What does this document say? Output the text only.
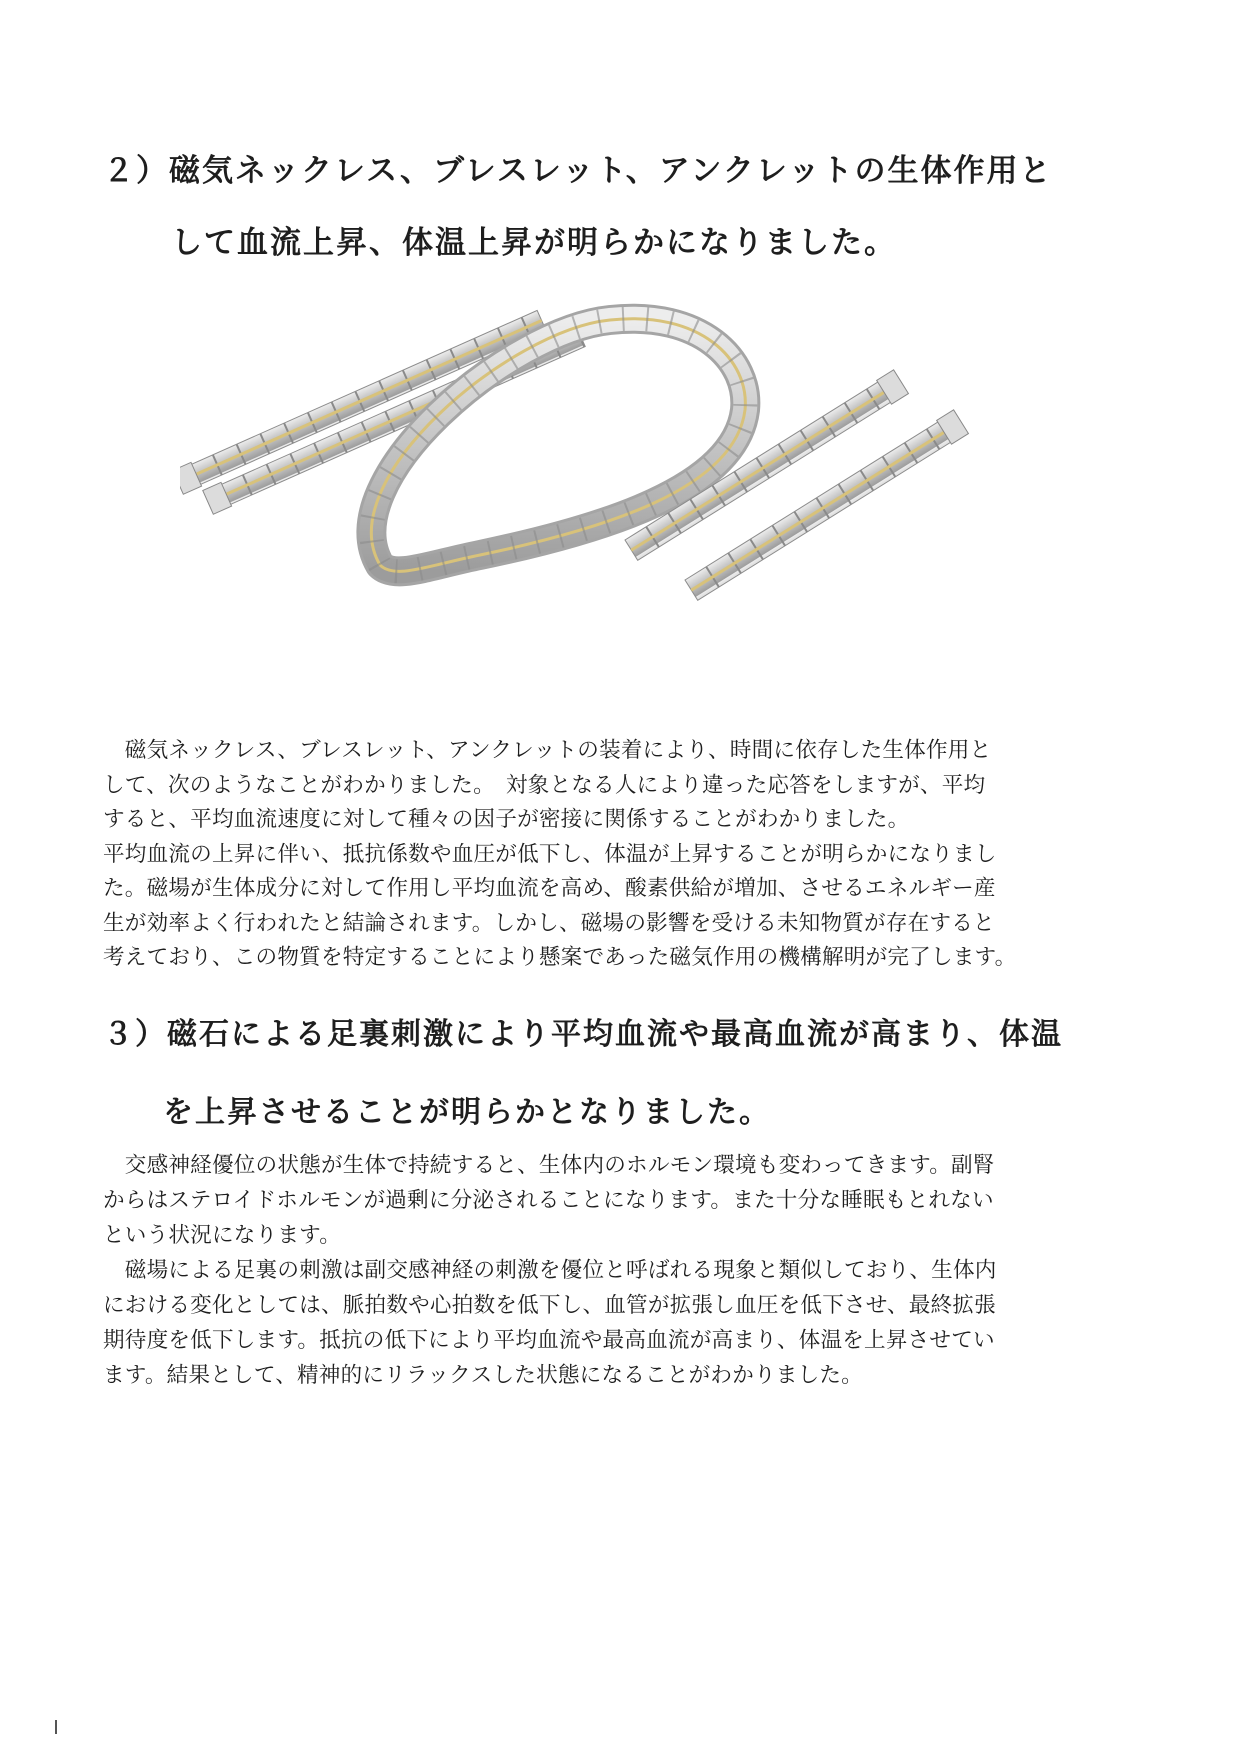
２）磁気ネックレス、ブレスレット、アンクレットの生体作用と
して血流上昇、体温上昇が明らかになりました。
　磁気ネックレス、ブレスレット、アンクレットの装着により、時間に依存した生体作用と
して、次のようなことがわかりました。　対象となる人により違った応答をしますが、平均
すると、平均血流速度に対して種々の因子が密接に関係することがわかりました。
平均血流の上昇に伴い、抵抗係数や血圧が低下し、体温が上昇することが明らかになりまし
た。磁場が生体成分に対して作用し平均血流を高め、酸素供給が増加、させるエネルギー産
生が効率よく行われたと結論されます。しかし、磁場の影響を受ける未知物質が存在すると
考えており、この物質を特定することにより懸案であった磁気作用の機構解明が完了します。
３）磁石による足裏刺激により平均血流や最高血流が高まり、体温
を上昇させることが明らかとなりました。
　交感神経優位の状態が生体で持続すると、生体内のホルモン環境も変わってきます。副腎
からはステロイドホルモンが過剰に分泌されることになります。また十分な睡眠もとれない
という状況になります。
　磁場による足裏の刺激は副交感神経の刺激を優位と呼ばれる現象と類似しており、生体内
における変化としては、脈拍数や心拍数を低下し、血管が拡張し血圧を低下させ、最終拡張
期待度を低下します。抵抗の低下により平均血流や最高血流が高まり、体温を上昇させてい
ます。結果として、精神的にリラックスした状態になることがわかりました。
